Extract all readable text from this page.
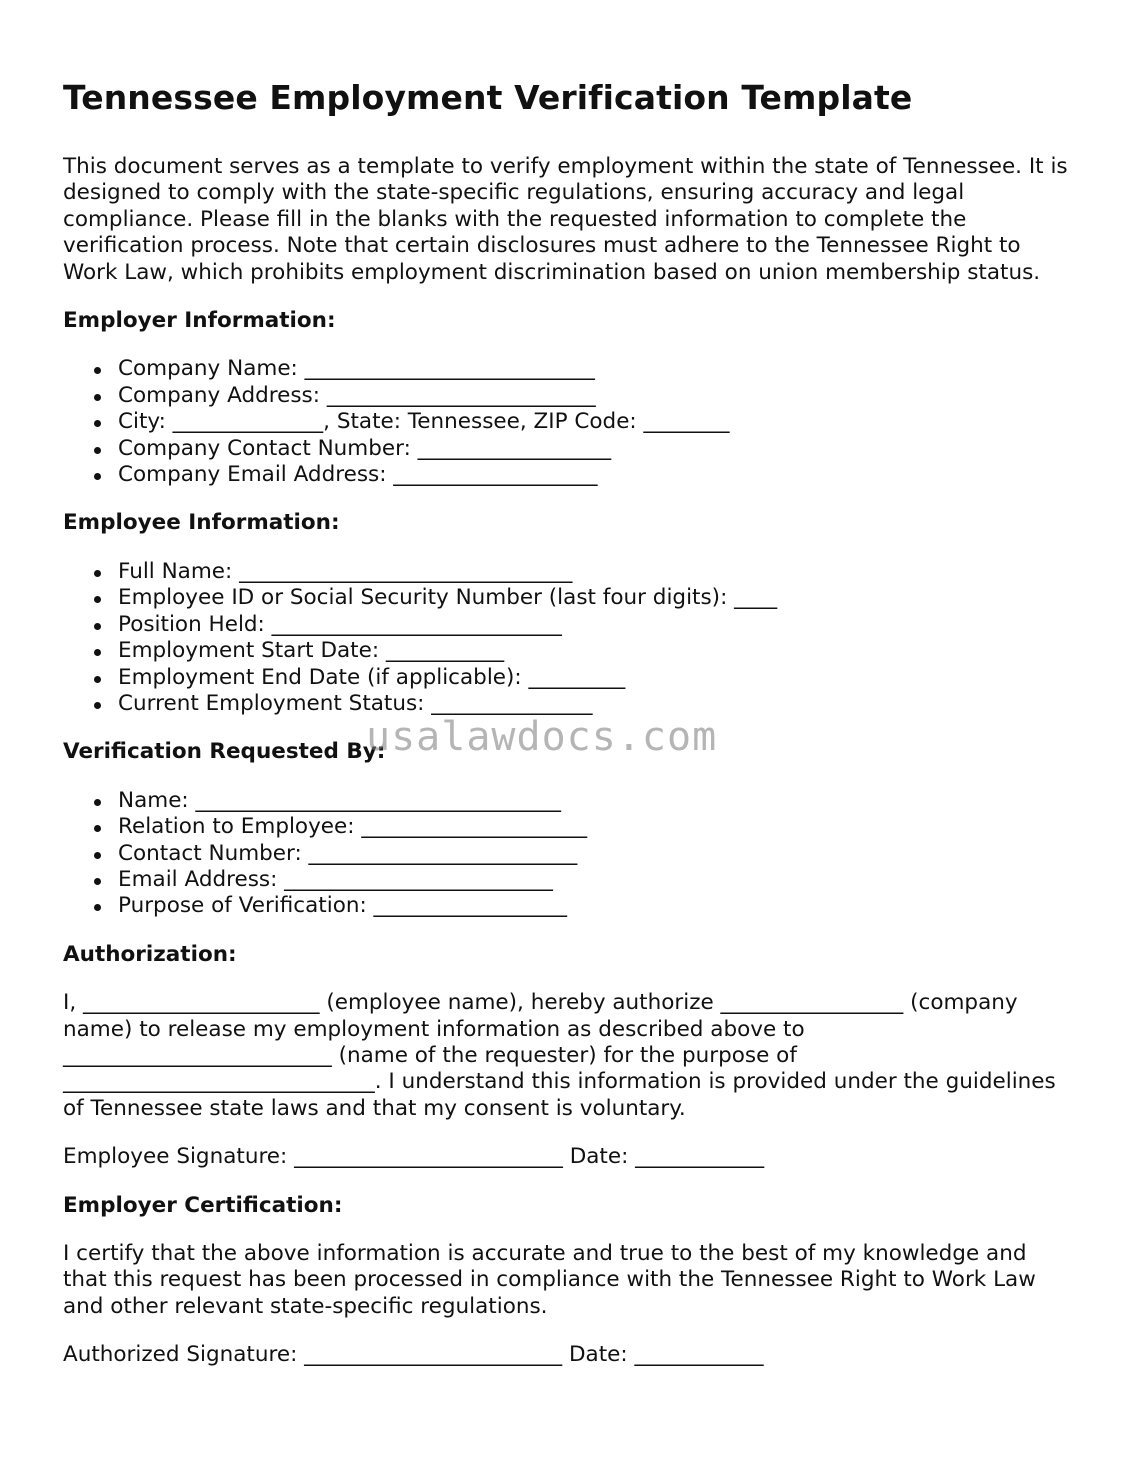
Tennessee Employment Verification Template

This document serves as a template to verify employment within the state of Tennessee. It is designed to comply with the state-specific regulations, ensuring accuracy and legal compliance. Please fill in the blanks with the requested information to complete the verification process. Note that certain disclosures must adhere to the Tennessee Right to Work Law, which prohibits employment discrimination based on union membership status.

Employer Information:
Company Name: ___________________________
Company Address: _________________________
City: ______________, State: Tennessee, ZIP Code: ________
Company Contact Number: __________________
Company Email Address: ___________________
Employee Information:
Full Name: _______________________________
Employee ID or Social Security Number (last four digits): ____
Position Held: ___________________________
Employment Start Date: ___________
Employment End Date (if applicable): _________
Current Employment Status: _______________
Verification Requested By:
Name: __________________________________
Relation to Employee: _____________________
Contact Number: _________________________
Email Address: _________________________
Purpose of Verification: __________________
Authorization:

I, ______________________ (employee name), hereby authorize _________________ (company name) to release my employment information as described above to _________________________ (name of the requester) for the purpose of _____________________________. I understand this information is provided under the guidelines of Tennessee state laws and that my consent is voluntary.

Employee Signature: _________________________ Date: ____________
Employer Certification:

I certify that the above information is accurate and true to the best of my knowledge and that this request has been processed in compliance with the Tennessee Right to Work Law and other relevant state-specific regulations.

Authorized Signature: ________________________ Date: ____________
usalawdocs.com
